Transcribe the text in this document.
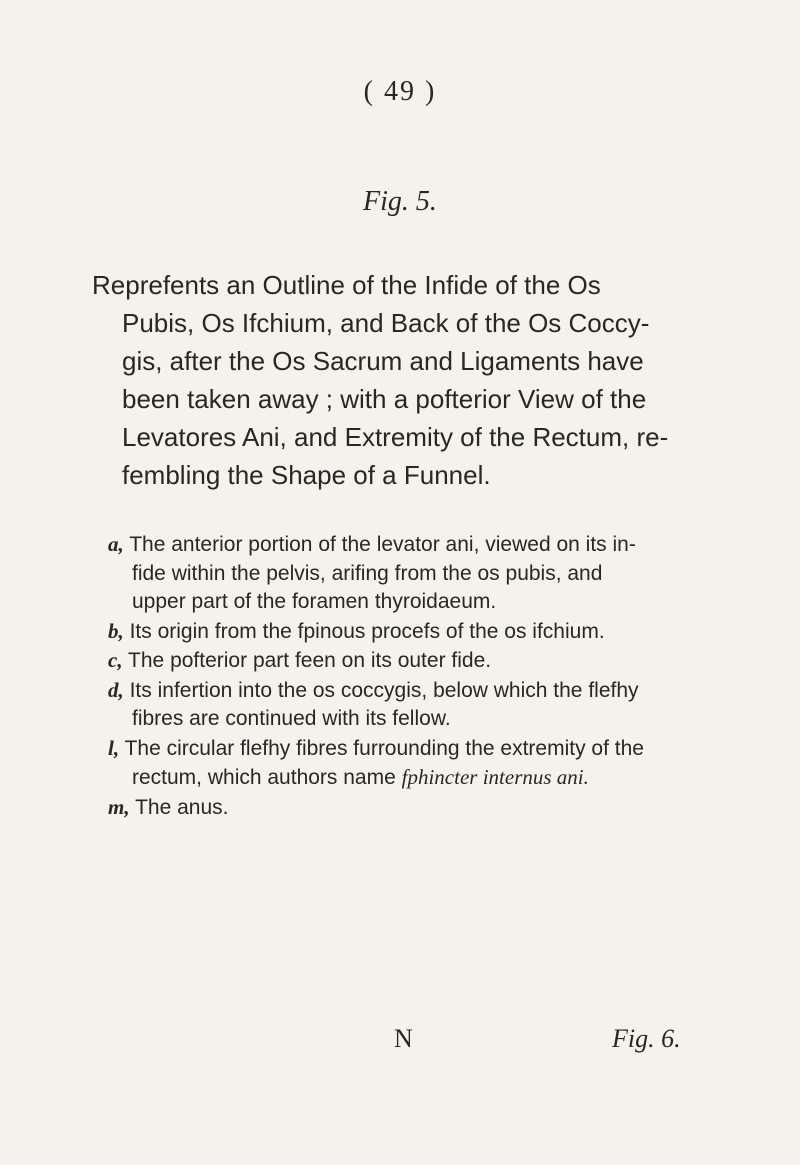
( 49 )
Fig. 5.
Reprefents an Outline of the Infide of the Os
Pubis, Os Ifchium, and Back of the Os Coccy-
gis, after the Os Sacrum and Ligaments have
been taken away ; with a pofterior View of the
Levatores Ani, and Extremity of the Rectum, re-
fembling the Shape of a Funnel.
a, The anterior portion of the levator ani, viewed on its in-
fide within the pelvis, arifing from the os pubis, and
upper part of the foramen thyroidaeum.
b, Its origin from the fpinous procefs of the os ifchium.
c, The pofterior part feen on its outer fide.
d, Its infertion into the os coccygis, below which the flefhy
fibres are continued with its fellow.
l, The circular flefhy fibres furrounding the extremity of the
rectum, which authors name fphincter internus ani.
m, The anus.
N	Fig. 6.
